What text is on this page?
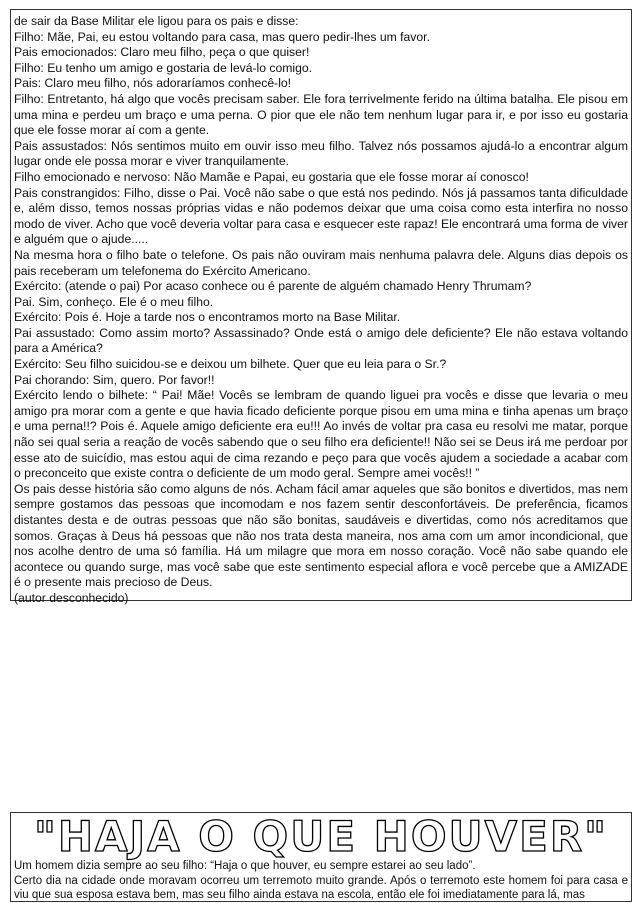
de sair da Base Militar ele ligou para os pais e disse:

Filho: Mãe, Pai, eu estou voltando para casa, mas quero pedir-lhes um favor.

Pais emocionados: Claro meu filho, peça o que quiser!

Filho: Eu tenho um amigo e gostaria de levá-lo comigo.

Pais: Claro meu filho, nós adoraríamos conhecê-lo!

Filho: Entretanto, há algo que vocês precisam saber. Ele fora terrivelmente ferido na última batalha. Ele pisou em uma mina e perdeu um braço e uma perna. O pior que ele não tem nenhum lugar para ir, e por isso eu gostaria que ele fosse morar aí com a gente.

Pais assustados: Nós sentimos muito em ouvir isso meu filho. Talvez nós possamos ajudá-lo a encontrar algum lugar onde ele possa morar e viver tranquilamente.

Filho emocionado e nervoso: Não Mamãe e Papai, eu gostaria que ele fosse morar aí conosco!

Pais constrangidos: Filho, disse o Pai. Você não sabe o que está nos pedindo. Nós já passamos tanta dificuldade e, além disso, temos nossas próprias vidas e não podemos deixar que uma coisa como esta interfira no nosso modo de viver. Acho que você deveria voltar para casa e esquecer este rapaz! Ele encontrará uma forma de viver e alguém que o ajude.....

Na mesma hora o filho bate o telefone. Os pais não ouviram mais nenhuma palavra dele. Alguns dias depois os pais receberam um telefonema do Exército Americano.

Exército: (atende o pai) Por acaso conhece ou é parente de alguém chamado Henry Thrumam?

Pai. Sim, conheço. Ele é o meu filho.

Exército: Pois é. Hoje a tarde nos o encontramos morto na Base Militar.

Pai assustado: Como assim morto? Assassinado? Onde está o amigo dele deficiente? Ele não estava voltando para a América?

Exército: Seu filho suicidou-se e deixou um bilhete. Quer que eu leia para o Sr.?

Pai chorando: Sim, quero. Por favor!!

Exército lendo o bilhete: “ Pai! Mãe! Vocês se lembram de quando liguei pra vocês e disse que levaria o meu amigo pra morar com a gente e que havia ficado deficiente porque pisou em uma mina e tinha apenas um braço e uma perna!!? Pois é. Aquele amigo deficiente era eu!!! Ao invés de voltar pra casa eu resolvi me matar, porque não sei qual seria a reação de vocês sabendo que o seu filho era deficiente!! Não sei se Deus irá me perdoar por esse ato de suicídio, mas estou aqui de cima rezando e peço para que vocês ajudem a sociedade a acabar com o preconceito que existe contra o deficiente de um modo geral. Sempre amei vocês!! ”

Os pais desse história são como alguns de nós. Acham fácil amar aqueles que são bonitos e divertidos, mas nem sempre gostamos das pessoas que incomodam e nos fazem sentir desconfortáveis. De preferência, ficamos distantes desta e de outras pessoas que não são bonitas, saudáveis e divertidas, como nós acreditamos que somos. Graças à Deus há pessoas que não nos trata desta maneira, nos ama com um amor incondicional, que nos acolhe dentro de uma só família. Há um milagre que mora em nosso coração. Você não sabe quando ele acontece ou quando surge, mas você sabe que este sentimento especial aflora e você percebe que a AMIZADE é o presente mais precioso de Deus.

(autor desconhecido)

"HAJA O QUE HOUVER"

Um homem dizia sempre ao seu filho: “Haja o que houver, eu sempre estarei ao seu lado”.

Certo dia na cidade onde moravam ocorreu um terremoto muito grande. Após o terremoto este homem foi para casa e viu que sua esposa estava bem, mas seu filho ainda estava na escola, então ele foi imediatamente para lá, mas
